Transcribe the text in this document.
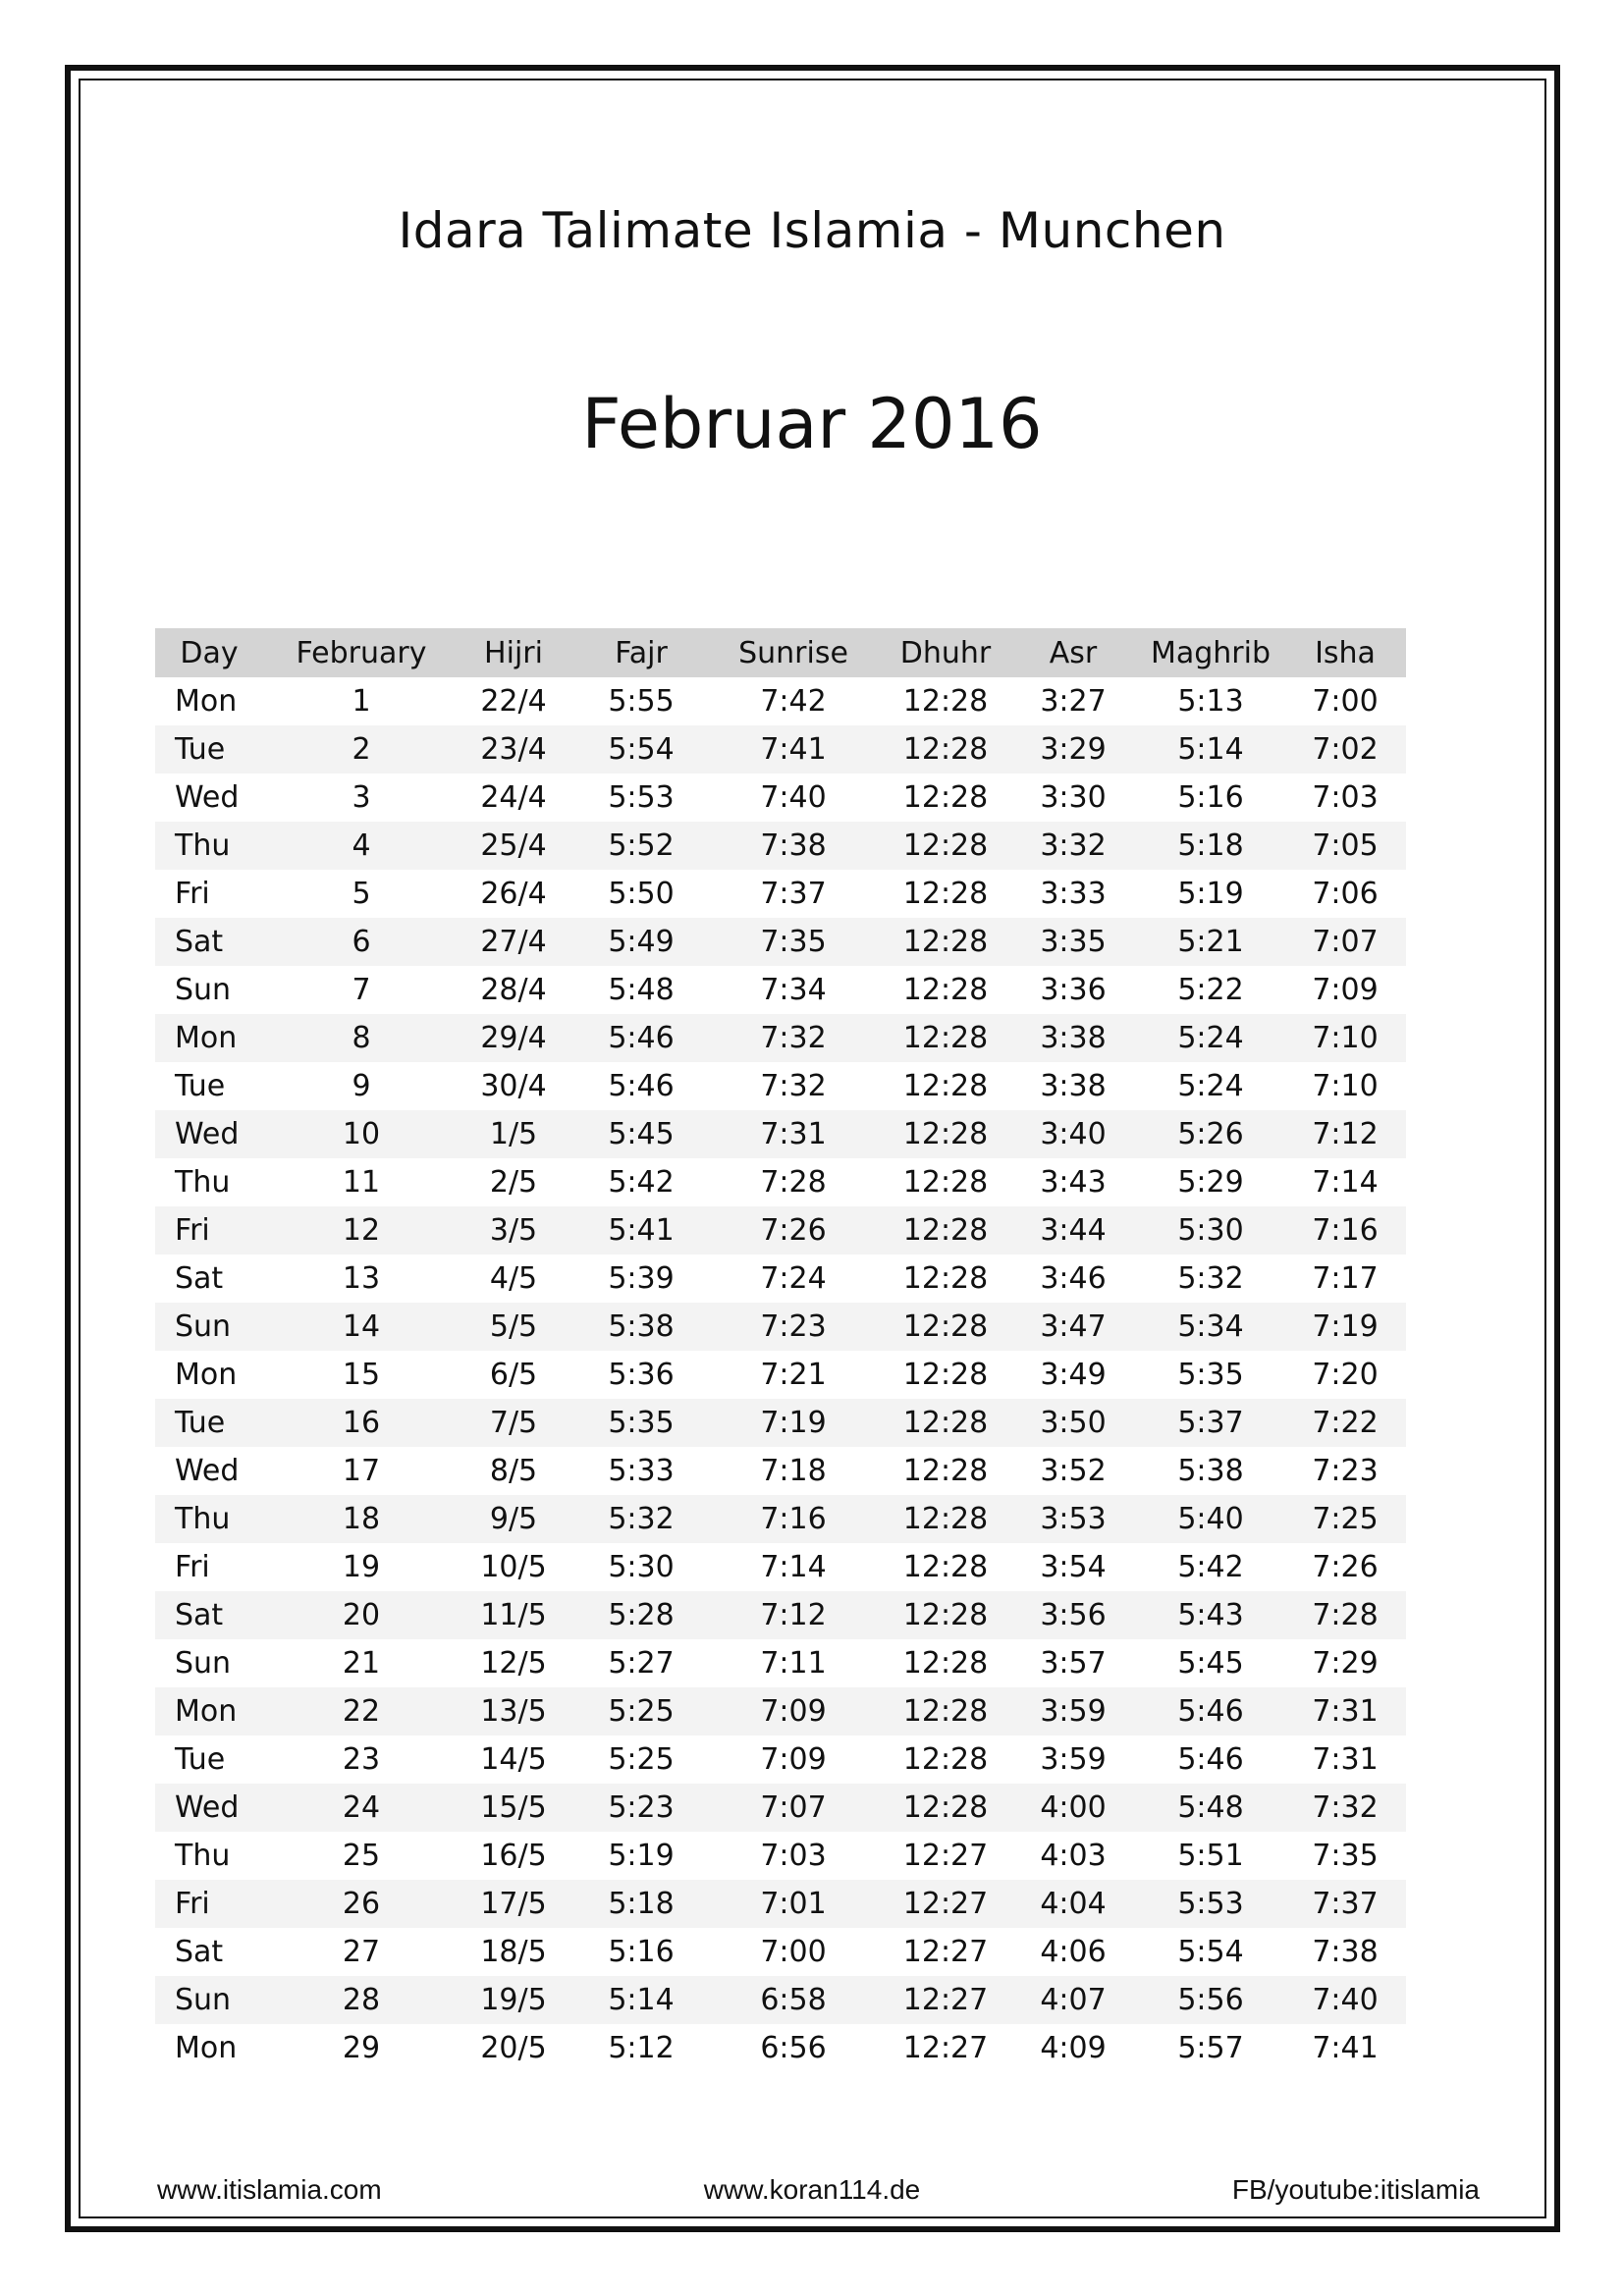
Idara Talimate Islamia - Munchen
Februar 2016
Day	February	Hijri	Fajr	Sunrise	Dhuhr	Asr	Maghrib	Isha
Mon	1	22/4	5:55	7:42	12:28	3:27	5:13	7:00
Tue	2	23/4	5:54	7:41	12:28	3:29	5:14	7:02
Wed	3	24/4	5:53	7:40	12:28	3:30	5:16	7:03
Thu	4	25/4	5:52	7:38	12:28	3:32	5:18	7:05
Fri	5	26/4	5:50	7:37	12:28	3:33	5:19	7:06
Sat	6	27/4	5:49	7:35	12:28	3:35	5:21	7:07
Sun	7	28/4	5:48	7:34	12:28	3:36	5:22	7:09
Mon	8	29/4	5:46	7:32	12:28	3:38	5:24	7:10
Tue	9	30/4	5:46	7:32	12:28	3:38	5:24	7:10
Wed	10	1/5	5:45	7:31	12:28	3:40	5:26	7:12
Thu	11	2/5	5:42	7:28	12:28	3:43	5:29	7:14
Fri	12	3/5	5:41	7:26	12:28	3:44	5:30	7:16
Sat	13	4/5	5:39	7:24	12:28	3:46	5:32	7:17
Sun	14	5/5	5:38	7:23	12:28	3:47	5:34	7:19
Mon	15	6/5	5:36	7:21	12:28	3:49	5:35	7:20
Tue	16	7/5	5:35	7:19	12:28	3:50	5:37	7:22
Wed	17	8/5	5:33	7:18	12:28	3:52	5:38	7:23
Thu	18	9/5	5:32	7:16	12:28	3:53	5:40	7:25
Fri	19	10/5	5:30	7:14	12:28	3:54	5:42	7:26
Sat	20	11/5	5:28	7:12	12:28	3:56	5:43	7:28
Sun	21	12/5	5:27	7:11	12:28	3:57	5:45	7:29
Mon	22	13/5	5:25	7:09	12:28	3:59	5:46	7:31
Tue	23	14/5	5:25	7:09	12:28	3:59	5:46	7:31
Wed	24	15/5	5:23	7:07	12:28	4:00	5:48	7:32
Thu	25	16/5	5:19	7:03	12:27	4:03	5:51	7:35
Fri	26	17/5	5:18	7:01	12:27	4:04	5:53	7:37
Sat	27	18/5	5:16	7:00	12:27	4:06	5:54	7:38
Sun	28	19/5	5:14	6:58	12:27	4:07	5:56	7:40
Mon	29	20/5	5:12	6:56	12:27	4:09	5:57	7:41
www.itislamia.com	www.koran114.de	FB/youtube:itislamia
